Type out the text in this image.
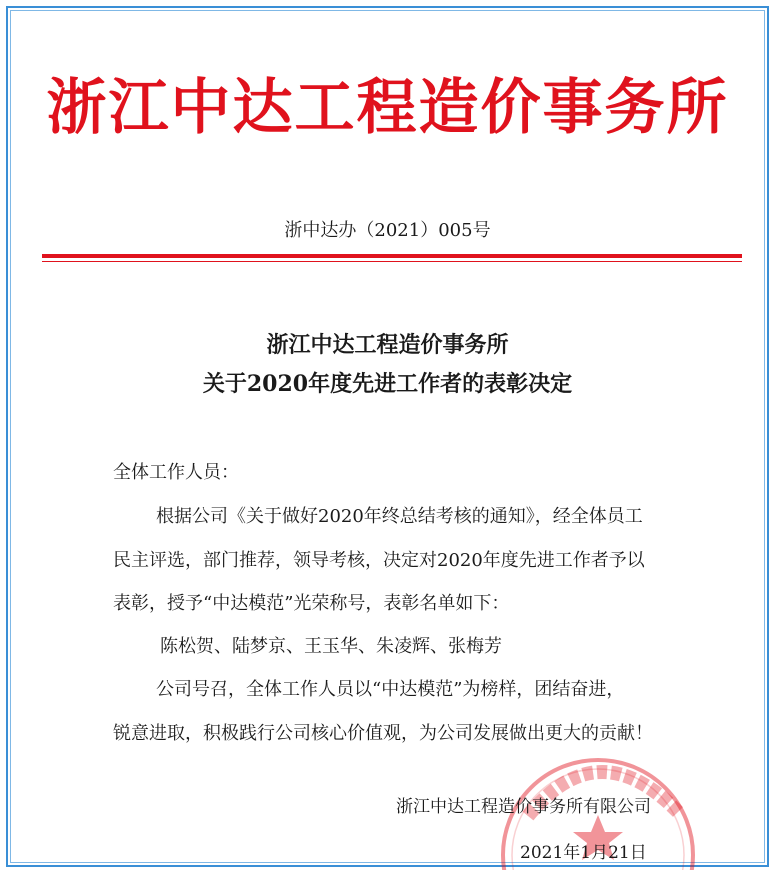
浙江中达工程造价事务所
浙中达办（2021）005号
浙江中达工程造价事务所
关于2020年度先进工作者的表彰决定
全体工作人员：
根据公司《关于做好2020年终总结考核的通知》，经全体员工
民主评选，部门推荐，领导考核，决定对2020年度先进工作者予以
表彰，授予“中达模范”光荣称号，表彰名单如下：
陈松贺、陆梦京、王玉华、朱凌辉、张梅芳
公司号召，全体工作人员以“中达模范”为榜样，团结奋进，
锐意进取，积极践行公司核心价值观，为公司发展做出更大的贡献！
浙江中达工程造价事务所有限公司
2021年1月21日
